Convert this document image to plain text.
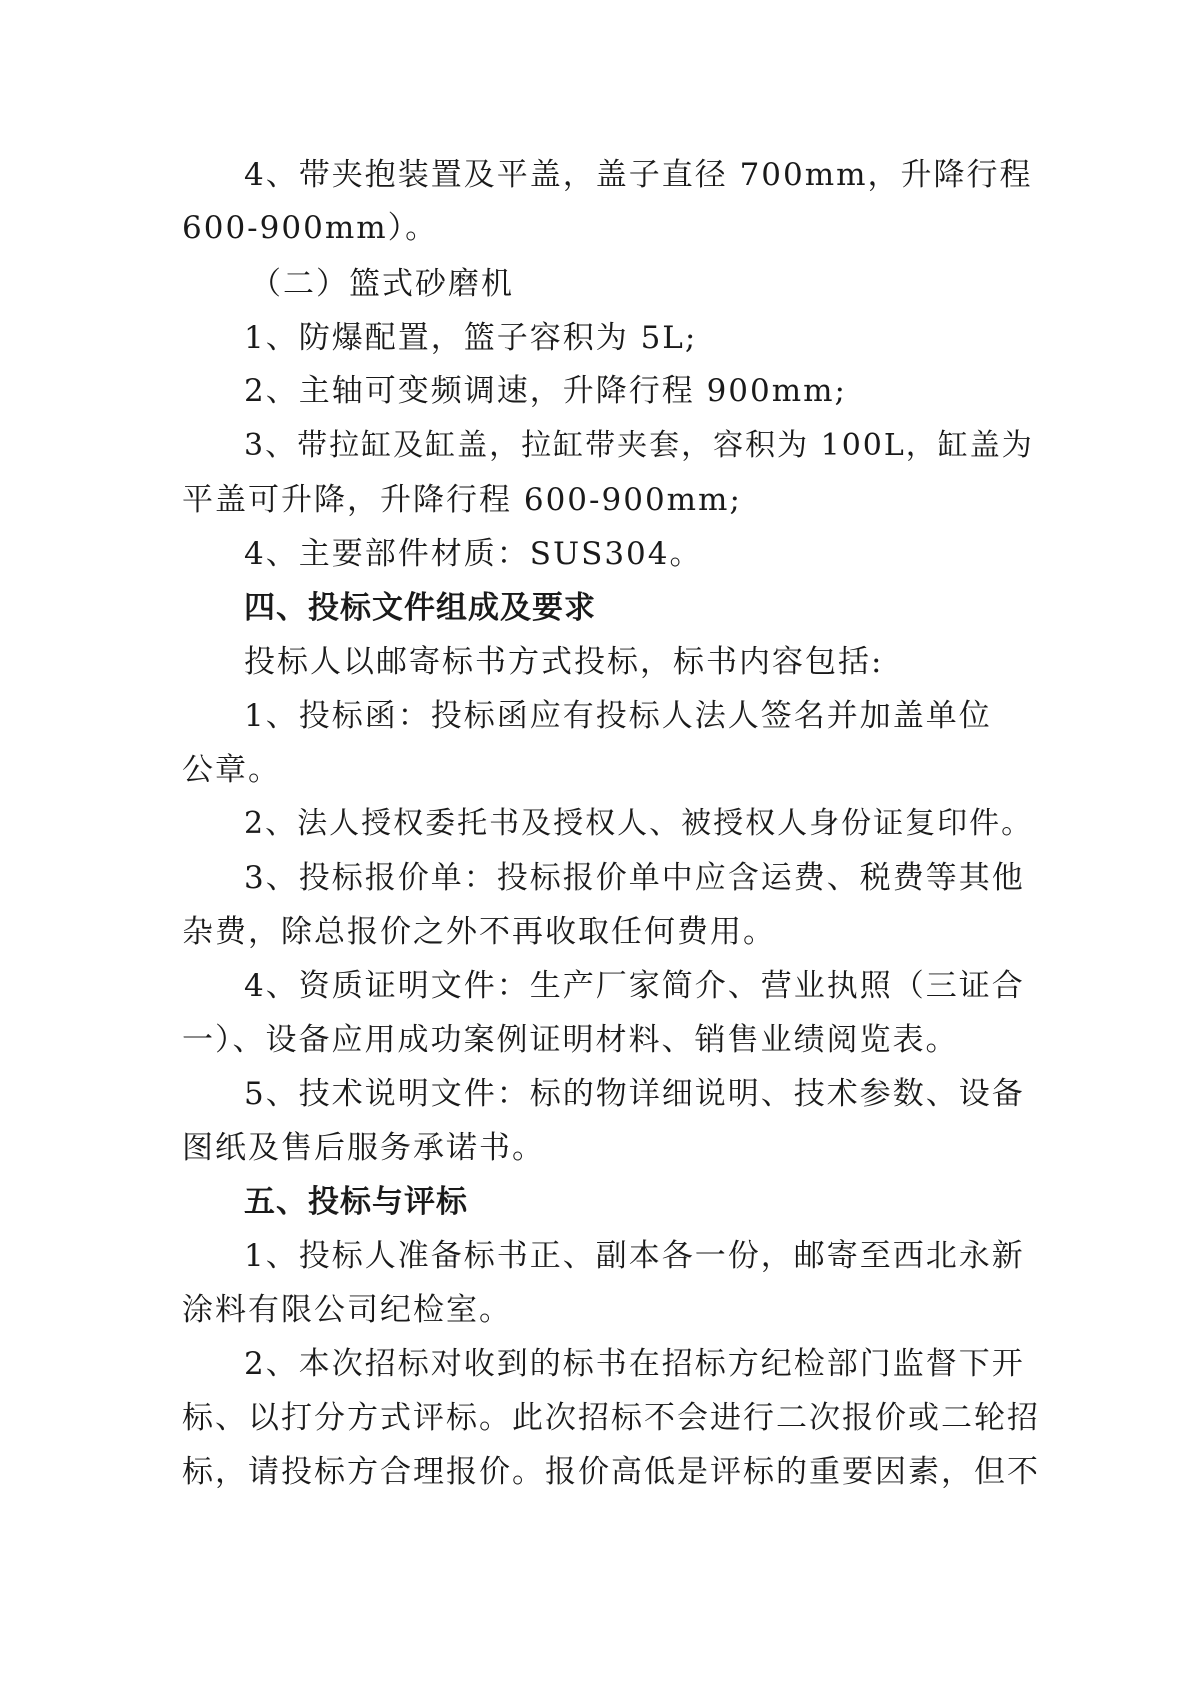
4、带夹抱装置及平盖，盖子直径 700mm，升降行程
600-900mm）。
（二）篮式砂磨机
1、防爆配置，篮子容积为 5L;
2、主轴可变频调速，升降行程 900mm;
3、带拉缸及缸盖，拉缸带夹套，容积为 100L，缸盖为
平盖可升降，升降行程 600-900mm;
4、主要部件材质：SUS304。
四、投标文件组成及要求
投标人以邮寄标书方式投标，标书内容包括:
1、投标函：投标函应有投标人法人签名并加盖单位
公章。
2、法人授权委托书及授权人、被授权人身份证复印件。
3、投标报价单：投标报价单中应含运费、税费等其他
杂费，除总报价之外不再收取任何费用。
4、资质证明文件：生产厂家简介、营业执照（三证合
一）、设备应用成功案例证明材料、销售业绩阅览表。
5、技术说明文件：标的物详细说明、技术参数、设备
图纸及售后服务承诺书。
五、投标与评标
1、投标人准备标书正、副本各一份，邮寄至西北永新
涂料有限公司纪检室。
2、本次招标对收到的标书在招标方纪检部门监督下开
标、以打分方式评标。此次招标不会进行二次报价或二轮招
标，请投标方合理报价。报价高低是评标的重要因素，但不
